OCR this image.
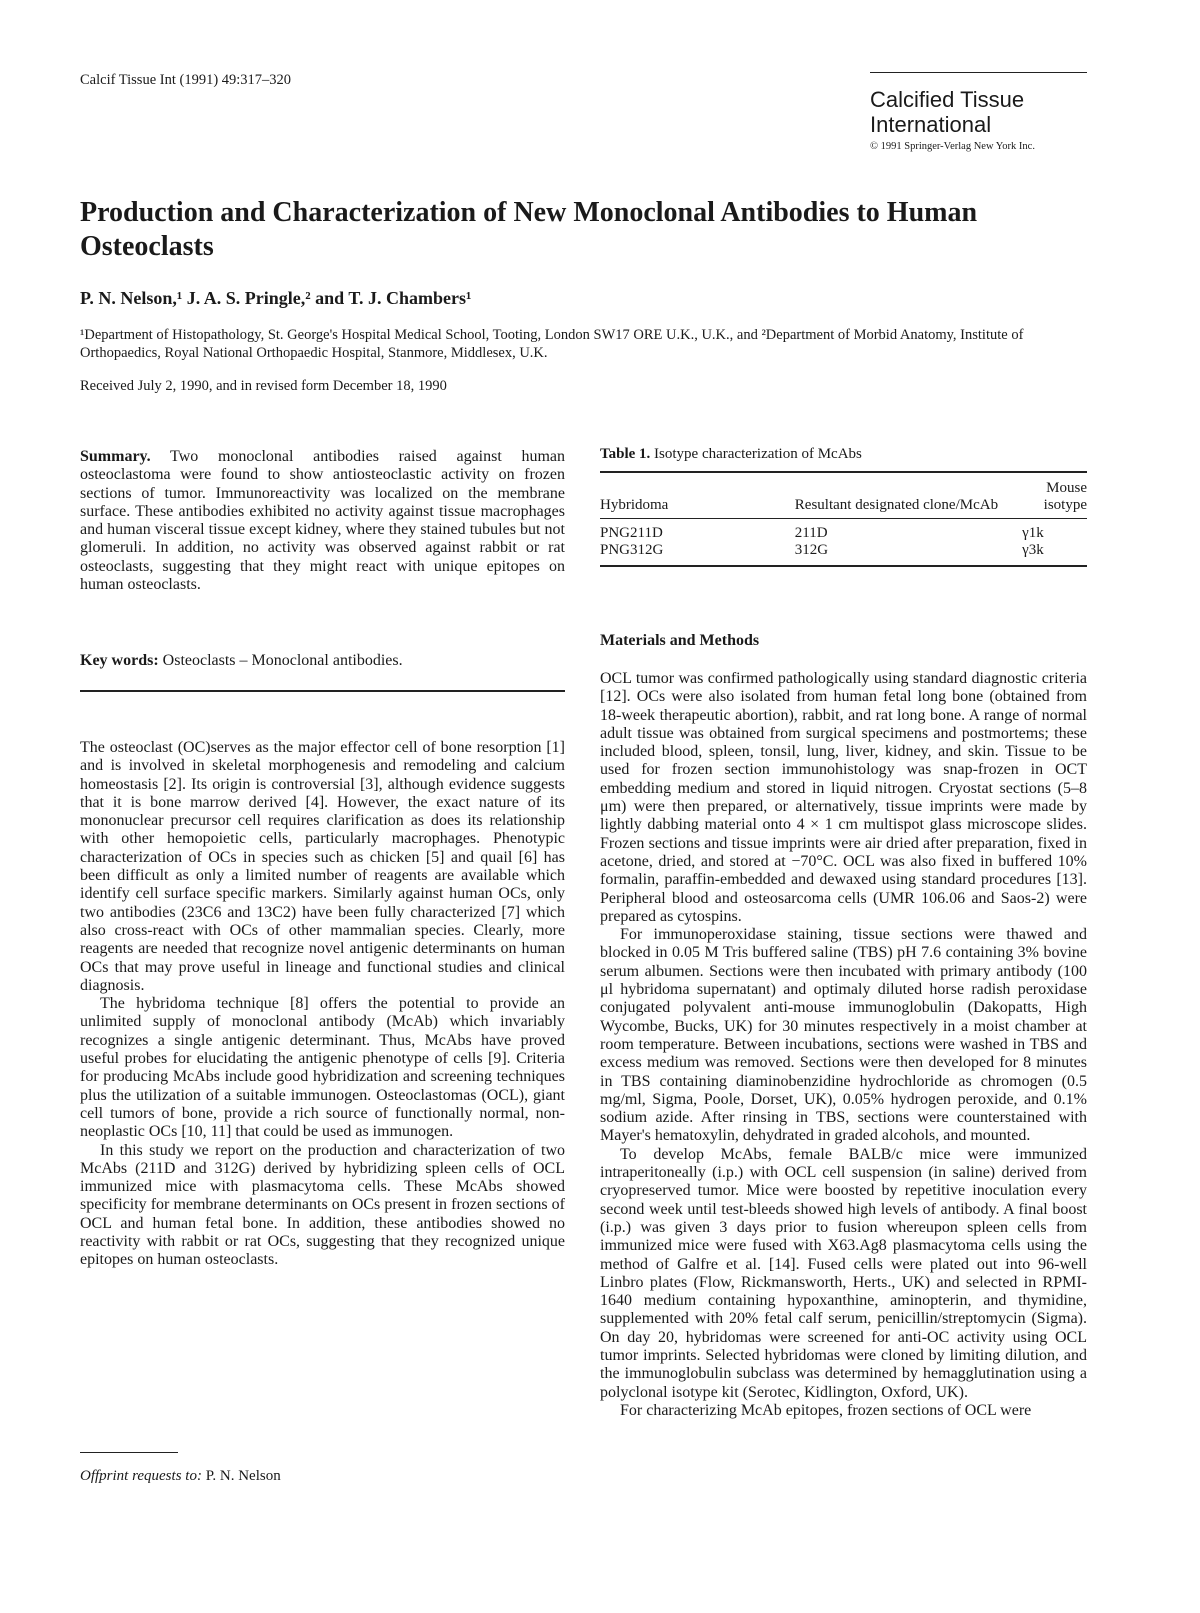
Calcif Tissue Int (1991) 49:317–320
Calcified Tissue
International
© 1991 Springer-Verlag New York Inc.
Production and Characterization of New Monoclonal Antibodies to Human Osteoclasts
P. N. Nelson,¹ J. A. S. Pringle,² and T. J. Chambers¹
¹Department of Histopathology, St. George's Hospital Medical School, Tooting, London SW17 ORE U.K., U.K., and ²Department of Morbid Anatomy, Institute of Orthopaedics, Royal National Orthopaedic Hospital, Stanmore, Middlesex, U.K.
Received July 2, 1990, and in revised form December 18, 1990

Summary. Two monoclonal antibodies raised against human osteoclastoma were found to show antiosteoclastic activity on frozen sections of tumor. Immunoreactivity was localized on the membrane surface. These antibodies exhibited no activity against tissue macrophages and human visceral tissue except kidney, where they stained tubules but not glomeruli. In addition, no activity was observed against rabbit or rat osteoclasts, suggesting that they might react with unique epitopes on human osteoclasts.

Key words: Osteoclasts – Monoclonal antibodies.

The osteoclast (OC)serves as the major effector cell of bone resorption [1] and is involved in skeletal morphogenesis and remodeling and calcium homeostasis [2]. Its origin is controversial [3], although evidence suggests that it is bone marrow derived [4]. However, the exact nature of its mononuclear precursor cell requires clarification as does its relationship with other hemopoietic cells, particularly macrophages. Phenotypic characterization of OCs in species such as chicken [5] and quail [6] has been difficult as only a limited number of reagents are available which identify cell surface specific markers. Similarly against human OCs, only two antibodies (23C6 and 13C2) have been fully characterized [7] which also cross-react with OCs of other mammalian species. Clearly, more reagents are needed that recognize novel antigenic determinants on human OCs that may prove useful in lineage and functional studies and clinical diagnosis.

The hybridoma technique [8] offers the potential to provide an unlimited supply of monoclonal antibody (McAb) which invariably recognizes a single antigenic determinant. Thus, McAbs have proved useful probes for elucidating the antigenic phenotype of cells [9]. Criteria for producing McAbs include good hybridization and screening techniques plus the utilization of a suitable immunogen. Osteoclastomas (OCL), giant cell tumors of bone, provide a rich source of functionally normal, non-neoplastic OCs [10, 11] that could be used as immunogen.

In this study we report on the production and characterization of two McAbs (211D and 312G) derived by hybridizing spleen cells of OCL immunized mice with plasmacytoma cells. These McAbs showed specificity for membrane determinants on OCs present in frozen sections of OCL and human fetal bone. In addition, these antibodies showed no reactivity with rabbit or rat OCs, suggesting that they recognized unique epitopes on human osteoclasts.

Offprint requests to: P. N. Nelson
Table 1. Isotype characterization of McAbs
Hybridoma	Resultant designated clone/McAb	Mouse isotype
PNG211D	211D	γ1k
PNG312G	312G	γ3k
Materials and Methods

OCL tumor was confirmed pathologically using standard diagnostic criteria [12]. OCs were also isolated from human fetal long bone (obtained from 18-week therapeutic abortion), rabbit, and rat long bone. A range of normal adult tissue was obtained from surgical specimens and postmortems; these included blood, spleen, tonsil, lung, liver, kidney, and skin. Tissue to be used for frozen section immunohistology was snap-frozen in OCT embedding medium and stored in liquid nitrogen. Cryostat sections (5–8 μm) were then prepared, or alternatively, tissue imprints were made by lightly dabbing material onto 4 × 1 cm multispot glass microscope slides. Frozen sections and tissue imprints were air dried after preparation, fixed in acetone, dried, and stored at −70°C. OCL was also fixed in buffered 10% formalin, paraffin-embedded and dewaxed using standard procedures [13]. Peripheral blood and osteosarcoma cells (UMR 106.06 and Saos-2) were prepared as cytospins.

For immunoperoxidase staining, tissue sections were thawed and blocked in 0.05 M Tris buffered saline (TBS) pH 7.6 containing 3% bovine serum albumen. Sections were then incubated with primary antibody (100 μl hybridoma supernatant) and optimaly diluted horse radish peroxidase conjugated polyvalent anti-mouse immunoglobulin (Dakopatts, High Wycombe, Bucks, UK) for 30 minutes respectively in a moist chamber at room temperature. Between incubations, sections were washed in TBS and excess medium was removed. Sections were then developed for 8 minutes in TBS containing diaminobenzidine hydrochloride as chromogen (0.5 mg/ml, Sigma, Poole, Dorset, UK), 0.05% hydrogen peroxide, and 0.1% sodium azide. After rinsing in TBS, sections were counterstained with Mayer's hematoxylin, dehydrated in graded alcohols, and mounted.

To develop McAbs, female BALB/c mice were immunized intraperitoneally (i.p.) with OCL cell suspension (in saline) derived from cryopreserved tumor. Mice were boosted by repetitive inoculation every second week until test-bleeds showed high levels of antibody. A final boost (i.p.) was given 3 days prior to fusion whereupon spleen cells from immunized mice were fused with X63.Ag8 plasmacytoma cells using the method of Galfre et al. [14]. Fused cells were plated out into 96-well Linbro plates (Flow, Rickmansworth, Herts., UK) and selected in RPMI-1640 medium containing hypoxanthine, aminopterin, and thymidine, supplemented with 20% fetal calf serum, penicillin/streptomycin (Sigma). On day 20, hybridomas were screened for anti-OC activity using OCL tumor imprints. Selected hybridomas were cloned by limiting dilution, and the immunoglobulin subclass was determined by hemagglutination using a polyclonal isotype kit (Serotec, Kidlington, Oxford, UK).

For characterizing McAb epitopes, frozen sections of OCL were
